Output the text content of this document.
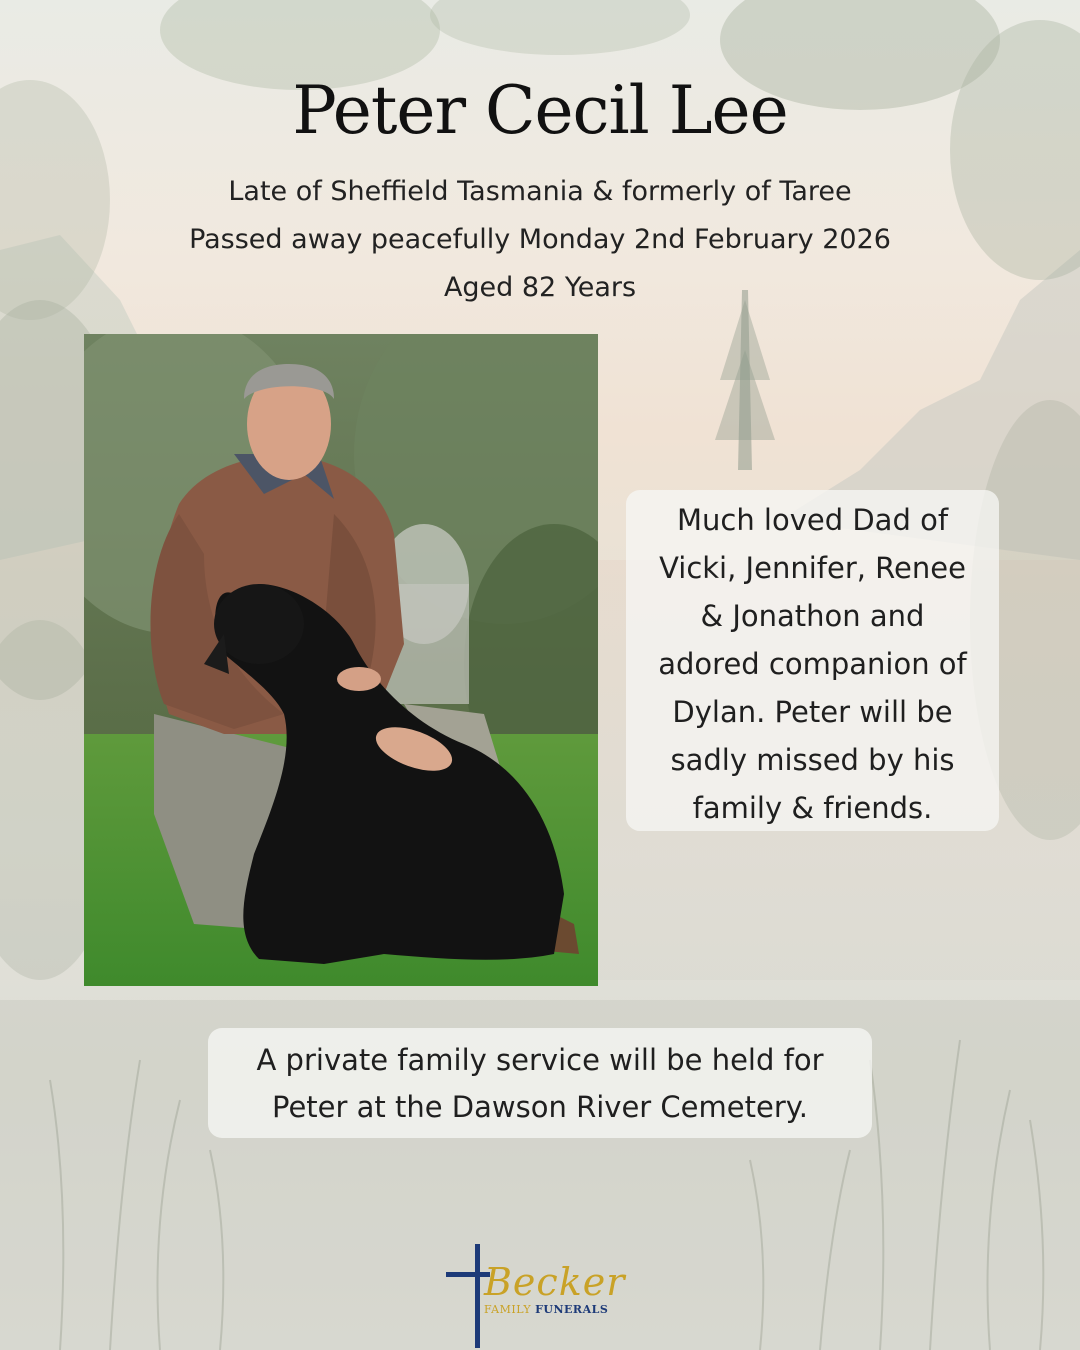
Peter Cecil Lee
Late of Sheffield Tasmania & formerly of Taree
Passed away peacefully Monday 2nd February 2026
Aged 82 Years
Much loved Dad of
Vicki, Jennifer, Renee
& Jonathon and
adored companion of
Dylan. Peter will be
sadly missed by his
family & friends.
A private family service will be held for
Peter at the Dawson River Cemetery.
Becker
FAMILY FUNERALS
